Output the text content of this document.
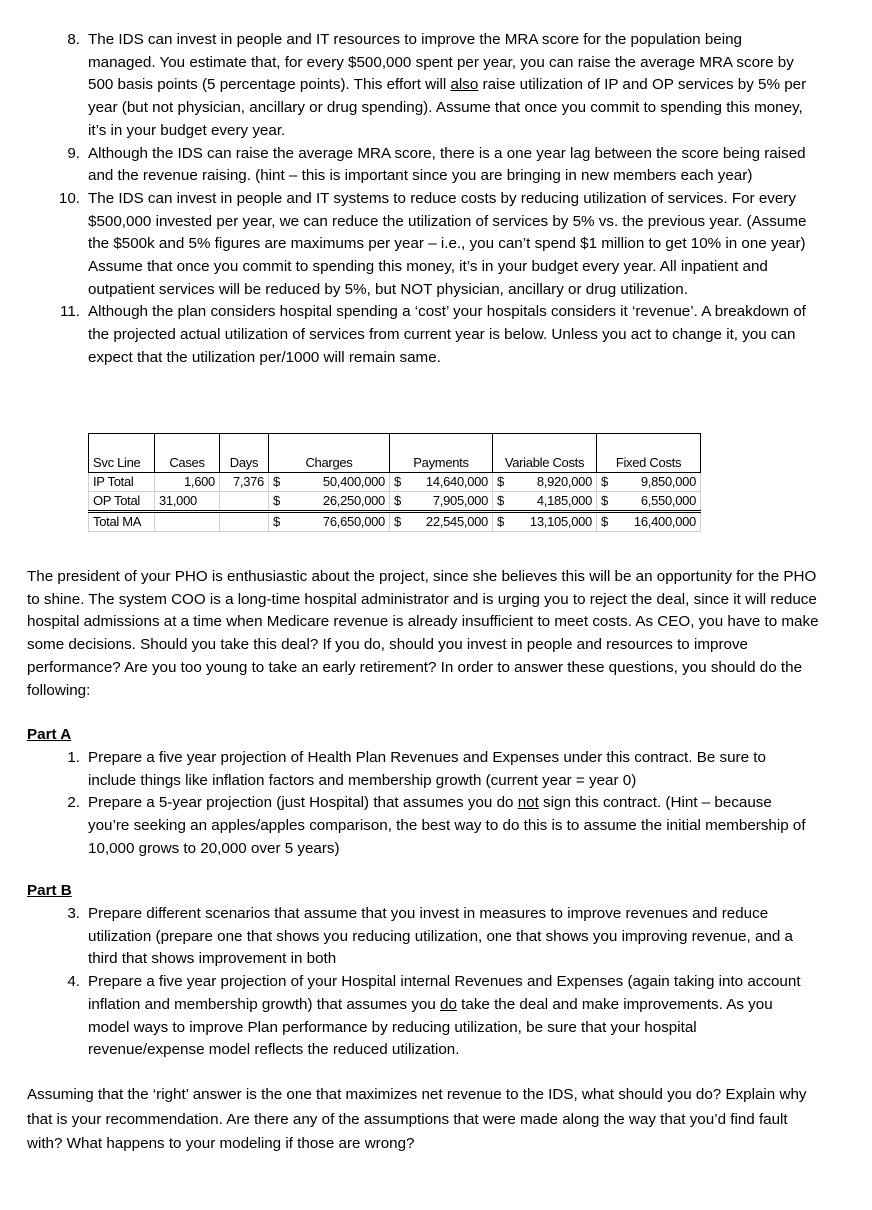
8. The IDS can invest in people and IT resources to improve the MRA score for the population being managed. You estimate that, for every $500,000 spent per year, you can raise the average MRA score by 500 basis points (5 percentage points). This effort will also raise utilization of IP and OP services by 5% per year (but not physician, ancillary or drug spending). Assume that once you commit to spending this money, it’s in your budget every year.
9. Although the IDS can raise the average MRA score, there is a one year lag between the score being raised and the revenue raising. (hint – this is important since you are bringing in new members each year)
10. The IDS can invest in people and IT systems to reduce costs by reducing utilization of services. For every $500,000 invested per year, we can reduce the utilization of services by 5% vs. the previous year. (Assume the $500k and 5% figures are maximums per year – i.e., you can’t spend $1 million to get 10% in one year) Assume that once you commit to spending this money, it’s in your budget every year. All inpatient and outpatient services will be reduced by 5%, but NOT physician, ancillary or drug utilization.
11. Although the plan considers hospital spending a ‘cost’ your hospitals considers it ‘revenue’. A breakdown of the projected actual utilization of services from current year is below. Unless you act to change it, you can expect that the utilization per/1000 will remain same.
Svc Line	Cases	Days	Charges	Payments	Variable Costs	Fixed Costs
IP Total	1,600	7,376	$ 50,400,000	$ 14,640,000	$ 8,920,000	$ 9,850,000

OP Total	31,000		$ 26,250,000	$ 7,905,000	$ 4,185,000	$ 6,550,000

Total MA			$ 76,650,000	$ 22,545,000	$ 13,105,000	$ 16,400,000

The president of your PHO is enthusiastic about the project, since she believes this will be an opportunity for the PHO to shine. The system COO is a long-time hospital administrator and is urging you to reject the deal, since it will reduce hospital admissions at a time when Medicare revenue is already insufficient to meet costs. As CEO, you have to make some decisions. Should you take this deal? If you do, should you invest in people and resources to improve performance? Are you too young to take an early retirement? In order to answer these questions, you should do the following:

Part A
1. Prepare a five year projection of Health Plan Revenues and Expenses under this contract. Be sure to include things like inflation factors and membership growth (current year = year 0)
2. Prepare a 5-year projection (just Hospital) that assumes you do not sign this contract. (Hint – because you’re seeking an apples/apples comparison, the best way to do this is to assume the initial membership of 10,000 grows to 20,000 over 5 years)
Part B
3. Prepare different scenarios that assume that you invest in measures to improve revenues and reduce utilization (prepare one that shows you reducing utilization, one that shows you improving revenue, and a third that shows improvement in both
4. Prepare a five year projection of your Hospital internal Revenues and Expenses (again taking into account inflation and membership growth) that assumes you do take the deal and make improvements. As you model ways to improve Plan performance by reducing utilization, be sure that your hospital revenue/expense model reflects the reduced utilization.

Assuming that the ‘right’ answer is the one that maximizes net revenue to the IDS, what should you do? Explain why that is your recommendation. Are there any of the assumptions that were made along the way that you’d find fault with? What happens to your modeling if those are wrong?
